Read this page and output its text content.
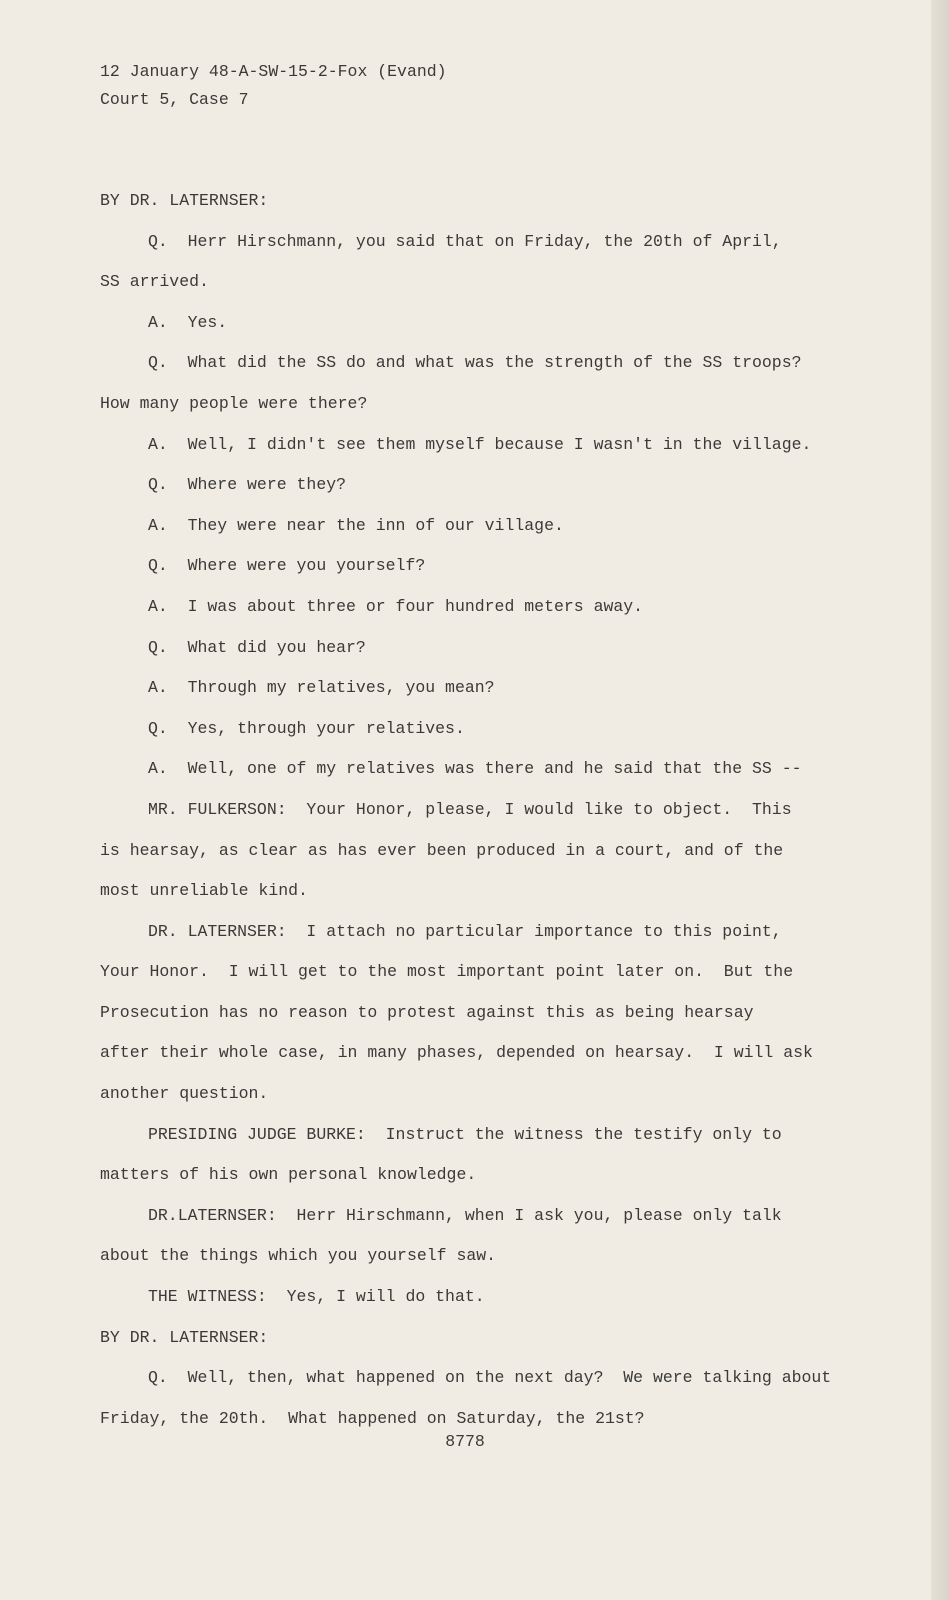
12 January 48-A-SW-15-2-Fox (Evand)
Court 5, Case 7
BY DR. LATERNSER:
Q.  Herr Hirschmann, you said that on Friday, the 20th of April,
SS arrived.
A.  Yes.
Q.  What did the SS do and what was the strength of the SS troops?
How many people were there?
A.  Well, I didn't see them myself because I wasn't in the village.
Q.  Where were they?
A.  They were near the inn of our village.
Q.  Where were you yourself?
A.  I was about three or four hundred meters away.
Q.  What did you hear?
A.  Through my relatives, you mean?
Q.  Yes, through your relatives.
A.  Well, one of my relatives was there and he said that the SS --
MR. FULKERSON:  Your Honor, please, I would like to object.  This
is hearsay, as clear as has ever been produced in a court, and of the
most unreliable kind.
DR. LATERNSER:  I attach no particular importance to this point,
Your Honor.  I will get to the most important point later on.  But the
Prosecution has no reason to protest against this as being hearsay
after their whole case, in many phases, depended on hearsay.  I will ask
another question.
PRESIDING JUDGE BURKE:  Instruct the witness the testify only to
matters of his own personal knowledge.
DR.LATERNSER:  Herr Hirschmann, when I ask you, please only talk
about the things which you yourself saw.
THE WITNESS:  Yes, I will do that.
BY DR. LATERNSER:
Q.  Well, then, what happened on the next day?  We were talking about
Friday, the 20th.  What happened on Saturday, the 21st?
8778
